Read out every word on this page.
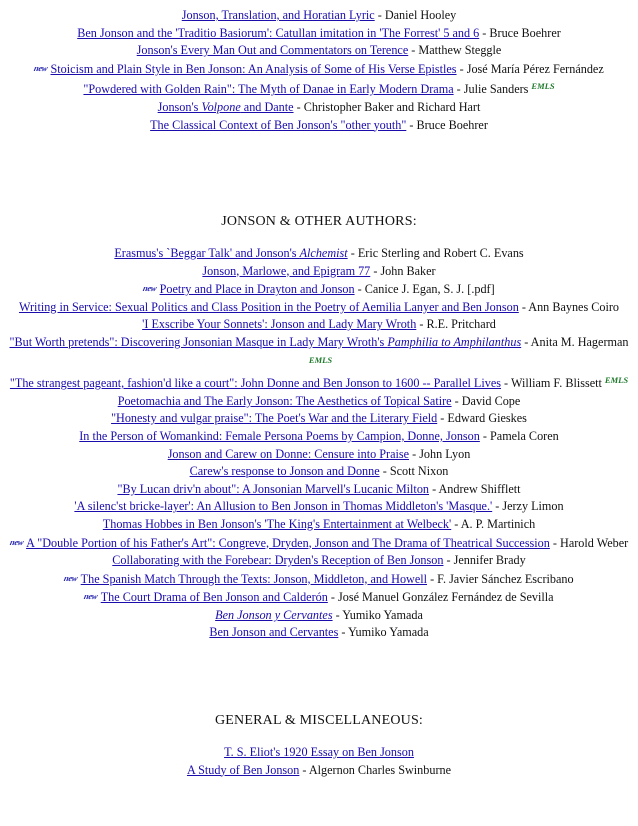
Jonson, Translation, and Horatian Lyric - Daniel Hooley
Ben Jonson and the 'Traditio Basiorum': Catullan imitation in 'The Forrest' 5 and 6 - Bruce Boehrer
Jonson's Every Man Out and Commentators on Terence - Matthew Steggle
new Stoicism and Plain Style in Ben Jonson: An Analysis of Some of His Verse Epistles - José María Pérez Fernández
"Powdered with Golden Rain": The Myth of Danae in Early Modern Drama - Julie Sanders EMLS
Jonson's Volpone and Dante - Christopher Baker and Richard Hart
The Classical Context of Ben Jonson's "other youth" - Bruce Boehrer
JONSON & OTHER AUTHORS:
Erasmus's `Beggar Talk' and Jonson's Alchemist - Eric Sterling and Robert C. Evans
Jonson, Marlowe, and Epigram 77 - John Baker
new Poetry and Place in Drayton and Jonson - Canice J. Egan, S. J. [.pdf]
Writing in Service: Sexual Politics and Class Position in the Poetry of Aemilia Lanyer and Ben Jonson - Ann Baynes Coiro
'I Exscribe Your Sonnets': Jonson and Lady Mary Wroth - R.E. Pritchard
"But Worth pretends": Discovering Jonsonian Masque in Lady Mary Wroth's Pamphilia to Amphilanthus - Anita M. HagermanEMLS
"The strangest pageant, fashion'd like a court": John Donne and Ben Jonson to 1600 -- Parallel Lives - William F. Blissett EMLS
Poetomachia and The Early Jonson: The Aesthetics of Topical Satire - David Cope
"Honesty and vulgar praise": The Poet's War and the Literary Field - Edward Gieskes
In the Person of Womankind: Female Persona Poems by Campion, Donne, Jonson - Pamela Coren
Jonson and Carew on Donne: Censure into Praise - John Lyon
Carew's response to Jonson and Donne - Scott Nixon
"By Lucan driv'n about": A Jonsonian Marvell's Lucanic Milton - Andrew Shifflett
'A silenc'st bricke-layer': An Allusion to Ben Jonson in Thomas Middleton's 'Masque.' - Jerzy Limon
Thomas Hobbes in Ben Jonson's 'The King's Entertainment at Welbeck' - A. P. Martinich
new A "Double Portion of his Father's Art": Congreve, Dryden, Jonson and The Drama of Theatrical Succession - Harold Weber
Collaborating with the Forebear: Dryden's Reception of Ben Jonson - Jennifer Brady
new The Spanish Match Through the Texts: Jonson, Middleton, and Howell - F. Javier Sánchez Escribano
new The Court Drama of Ben Jonson and Calderón - José Manuel González Fernández de Sevilla
Ben Jonson y Cervantes - Yumiko Yamada
Ben Jonson and Cervantes - Yumiko Yamada
GENERAL & MISCELLANEOUS:
T. S. Eliot's 1920 Essay on Ben Jonson
A Study of Ben Jonson - Algernon Charles Swinburne
